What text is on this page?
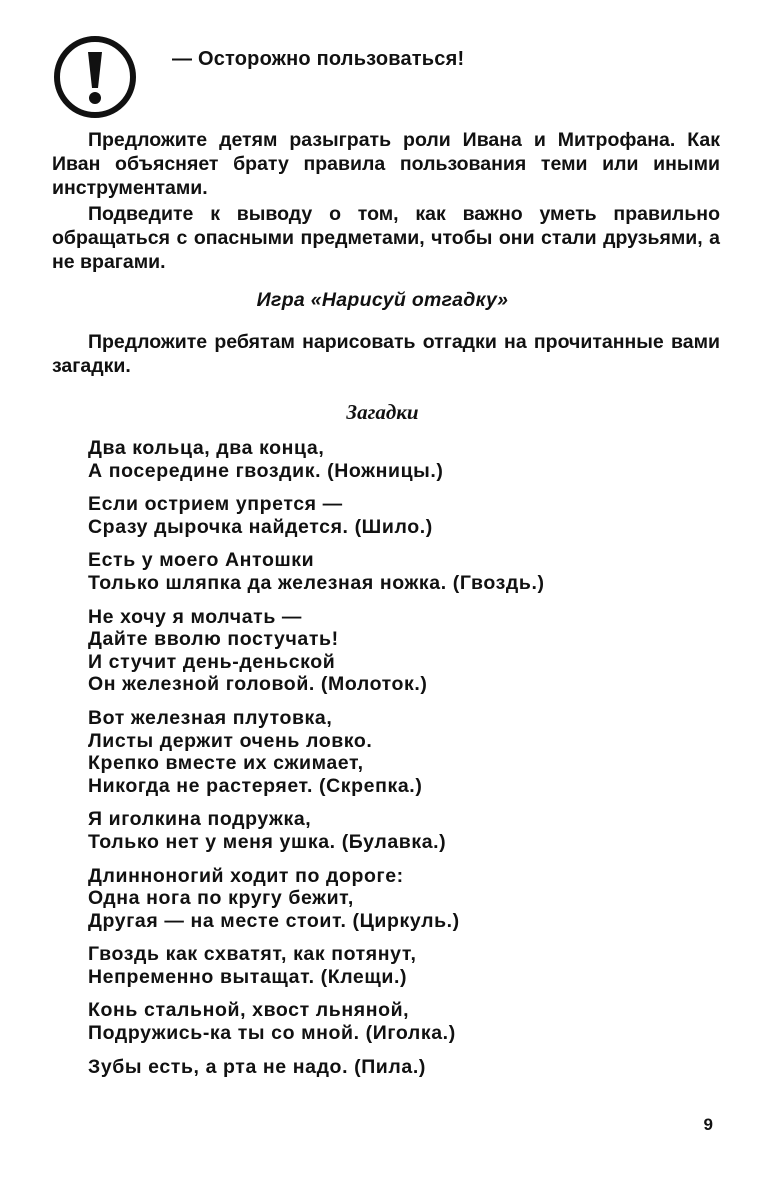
— Осторожно пользоваться!

Предложите детям разыграть роли Ивана и Митрофана. Как Иван объясняет брату правила пользования теми или иными инструментами.

Подведите к выводу о том, как важно уметь правильно обращаться с опасными предметами, чтобы они стали друзьями, а не врагами.

Игра «Нарисуй отгадку»

Предложите ребятам нарисовать отгадки на прочитанные вами загадки.

Загадки
Два кольца, два конца,
А посередине гвоздик. (Ножницы.)
Если острием упрется —
Сразу дырочка найдется. (Шило.)
Есть у моего Антошки
Только шляпка да железная ножка. (Гвоздь.)
Не хочу я молчать —
Дайте вволю постучать!
И стучит день-деньской
Он железной головой. (Молоток.)
Вот железная плутовка,
Листы держит очень ловко.
Крепко вместе их сжимает,
Никогда не растеряет. (Скрепка.)
Я иголкина подружка,
Только нет у меня ушка. (Булавка.)
Длинноногий ходит по дороге:
Одна нога по кругу бежит,
Другая — на месте стоит. (Циркуль.)
Гвоздь как схватят, как потянут,
Непременно вытащат. (Клещи.)
Конь стальной, хвост льняной,
Подружись-ка ты со мной. (Иголка.)
Зубы есть, а рта не надо. (Пила.)
9
